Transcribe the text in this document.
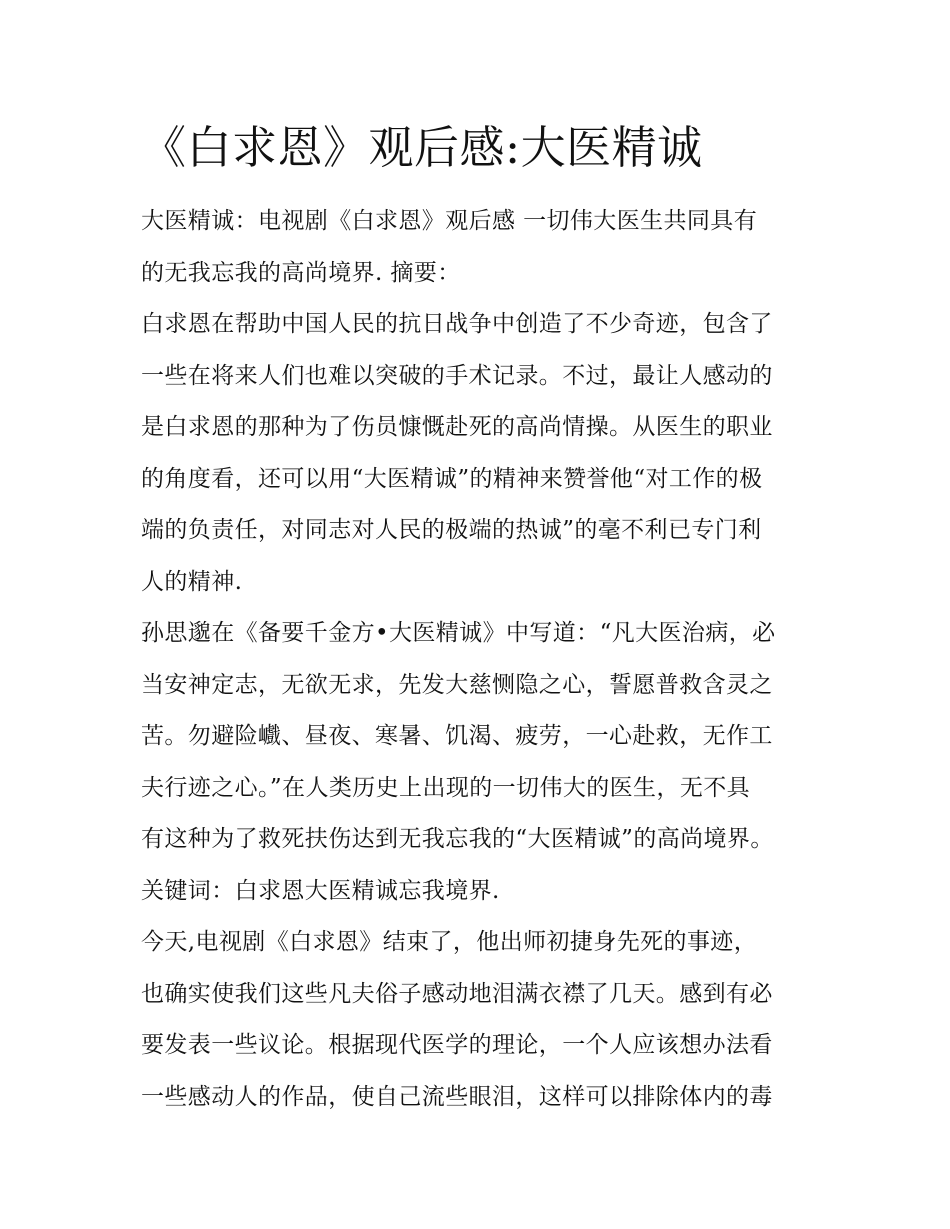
《白求恩》观后感:大医精诚
大医精诚：电视剧《白求恩》观后感 一切伟大医生共同具有
的无我忘我的高尚境界. 摘要：
白求恩在帮助中国人民的抗日战争中创造了不少奇迹，包含了
一些在将来人们也难以突破的手术记录。不过，最让人感动的
是白求恩的那种为了伤员慷慨赴死的高尚情操。从医生的职业
的角度看，还可以用“大医精诚”的精神来赞誉他“对工作的极
端的负责任，对同志对人民的极端的热诚”的毫不利已专门利
人的精神.
孙思邈在《备要千金方•大医精诚》中写道：“凡大医治病，必
当安神定志，无欲无求，先发大慈恻隐之心，誓愿普救含灵之
苦。勿避险巇、昼夜、寒暑、饥渴、疲劳，一心赴救，无作工
夫行迹之心。”在人类历史上出现的一切伟大的医生，无不具
有这种为了救死扶伤达到无我忘我的“大医精诚”的高尚境界。
关键词：白求恩大医精诚忘我境界.
今天,电视剧《白求恩》结束了，他出师初捷身先死的事迹，
也确实使我们这些凡夫俗子感动地泪满衣襟了几天。感到有必
要发表一些议论。根据现代医学的理论，一个人应该想办法看
一些感动人的作品，使自己流些眼泪，这样可以排除体内的毒
